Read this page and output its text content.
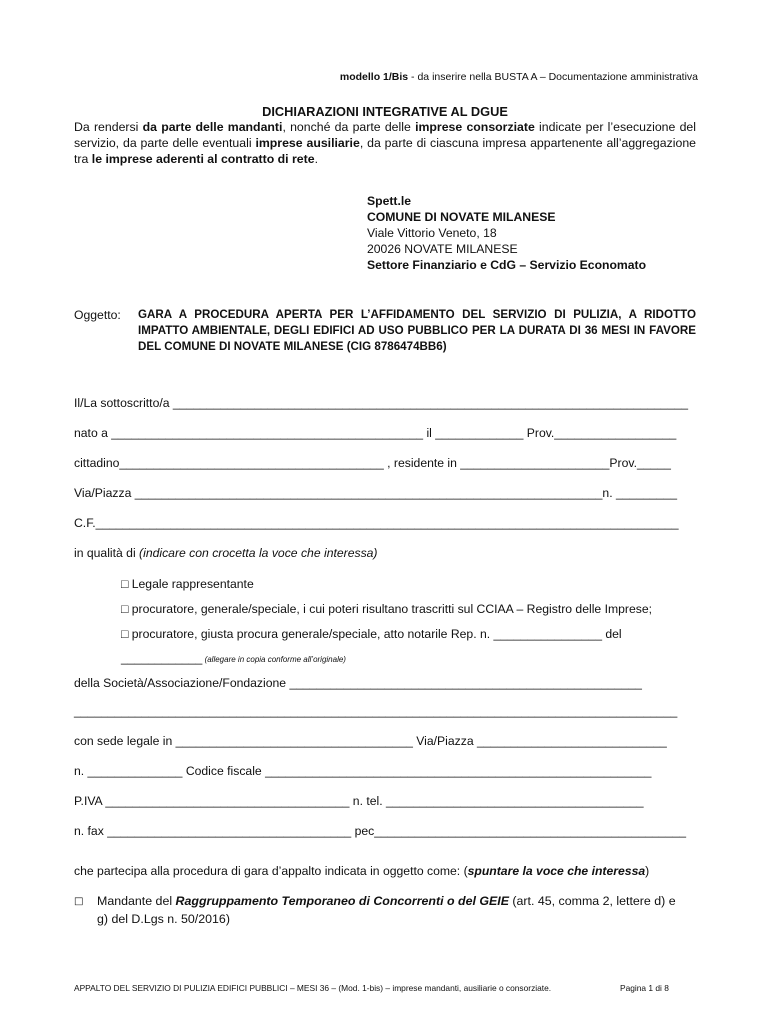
modello 1/Bis - da inserire nella BUSTA A – Documentazione amministrativa
DICHIARAZIONI INTEGRATIVE AL DGUE
Da rendersi da parte delle mandanti, nonché da parte delle imprese consorziate indicate per l’esecuzione del servizio, da parte delle eventuali imprese ausiliarie, da parte di ciascuna impresa appartenente all’aggregazione tra le imprese aderenti al contratto di rete.
Spett.le
COMUNE DI NOVATE MILANESE
Viale Vittorio Veneto, 18
20026 NOVATE MILANESE
Settore Finanziario e CdG – Servizio Economato
Oggetto: GARA A PROCEDURA APERTA PER L’AFFIDAMENTO DEL SERVIZIO DI PULIZIA, A RIDOTTO IMPATTO AMBIENTALE, DEGLI EDIFICI AD USO PUBBLICO PER LA DURATA DI 36 MESI IN FAVORE DEL COMUNE DI NOVATE MILANESE (CIG 8786474BB6)
Il/La sottoscritto/a ____________________________________________________________________________
nato a ______________________________________________ il _____________ Prov.__________________
cittadino_______________________________________ , residente in ______________________Prov._____
Via/Piazza _____________________________________________________________________n. _________
C.F.______________________________________________________________________________________
in qualità di (indicare con crocetta la voce che interessa)
□ Legale rappresentante
□ procuratore, generale/speciale, i cui poteri risultano trascritti sul CCIAA – Registro delle Imprese;
□ procuratore, giusta procura generale/speciale, atto notarile Rep. n. ________________ del
____________ (allegare in copia conforme all’originale)
della Società/Associazione/Fondazione ____________________________________________________
_________________________________________________________________________________________
con sede legale in ___________________________________ Via/Piazza ____________________________
n. ______________ Codice fiscale _________________________________________________________
P.IVA ____________________________________ n. tel. ______________________________________
n. fax ____________________________________ pec______________________________________________
che partecipa alla procedura di gara d’appalto indicata in oggetto come: (spuntare la voce che interessa)
□ Mandante del Raggruppamento Temporaneo di Concorrenti o del GEIE (art. 45, comma 2, lettere d) e
g) del D.Lgs n. 50/2016)
APPALTO DEL SERVIZIO DI PULIZIA EDIFICI PUBBLICI – MESI 36 – (Mod. 1-bis) – imprese mandanti, ausiliarie o consorziate.	Pagina 1 di 8
